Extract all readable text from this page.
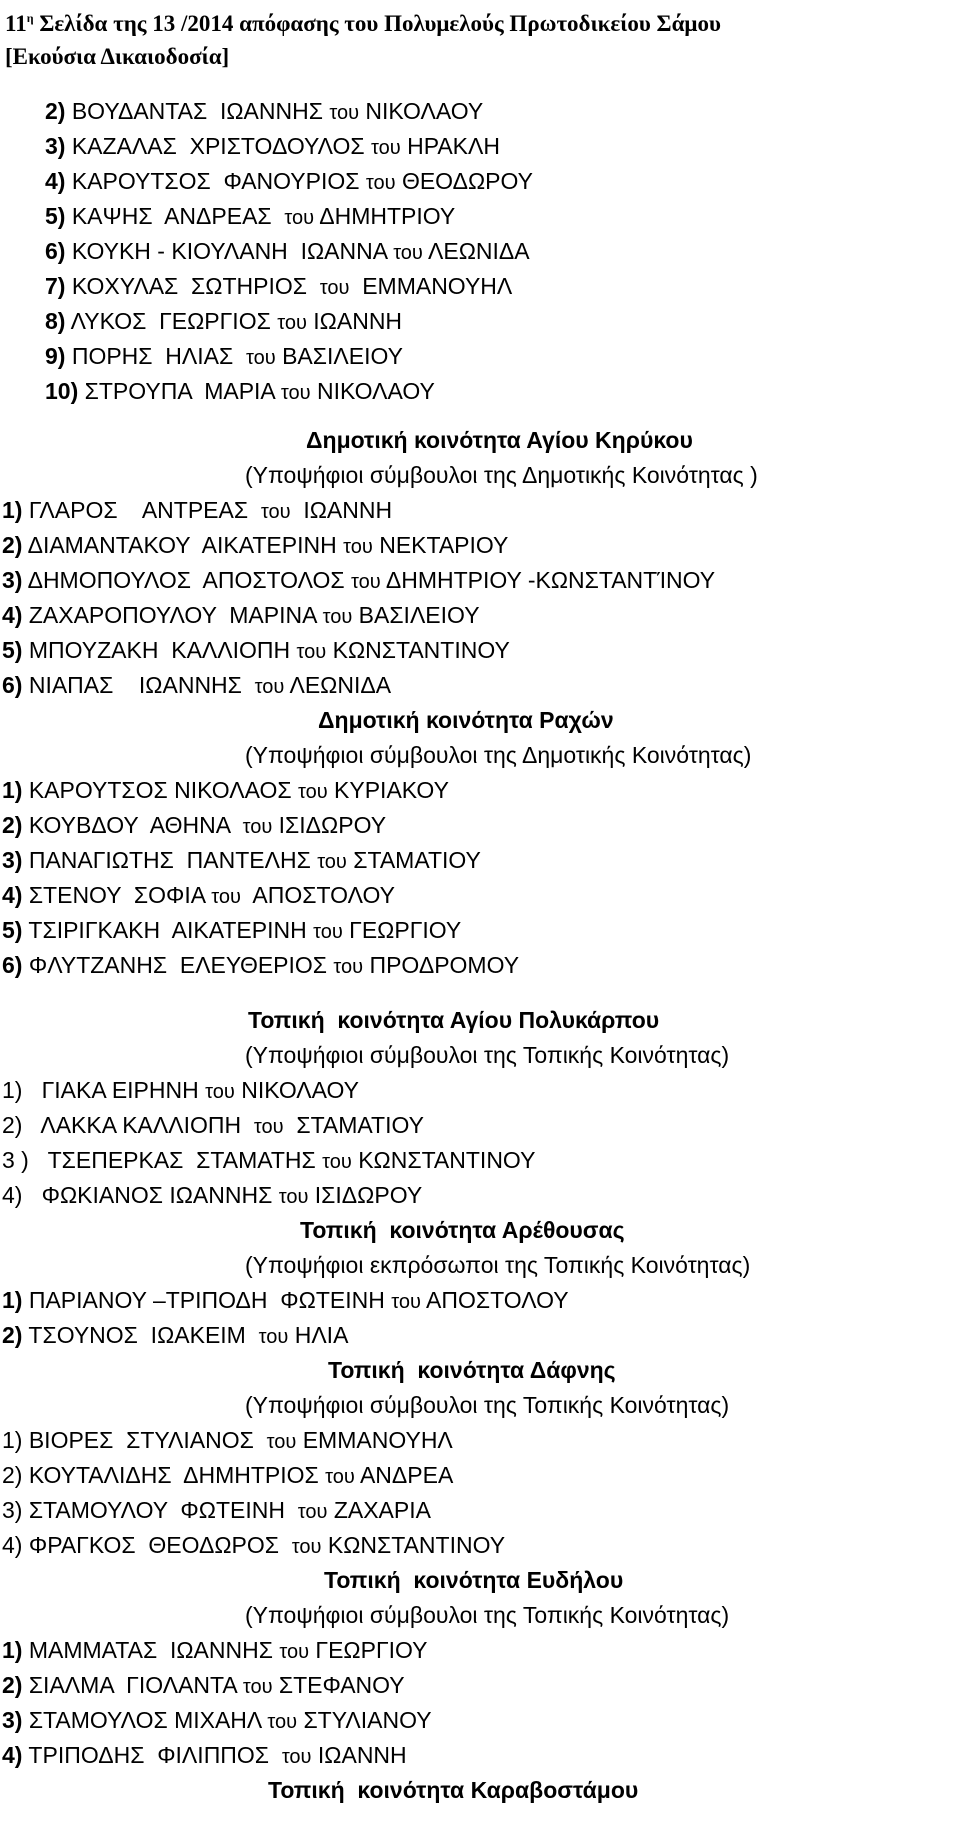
$11^\eta$ Σελίδα της 13 /2014 απόφασης του Πολυμελούς Πρωτοδικείου Σάμου
[Εκούσια Δικαιοδοσία]
2) ΒΟΥΔΑΝΤΑΣ  ΙΩΑΝΝΗΣ του ΝΙΚΟΛΑΟΥ
3) ΚΑΖΑΛΑΣ  ΧΡΙΣΤΟΔΟΥΛΟΣ του ΗΡΑΚΛΗ
4) ΚΑΡΟΥΤΣΟΣ  ΦΑΝΟΥΡΙΟΣ του ΘΕΟΔΩΡΟΥ
5) ΚΑΨΗΣ  ΑΝΔΡΕΑΣ  του ΔΗΜΗΤΡΙΟΥ
6) ΚΟΥΚΗ - ΚΙΟΥΛΑΝΗ  ΙΩΑΝΝΑ του ΛΕΩΝΙΔΑ
7) ΚΟΧΥΛΑΣ  ΣΩΤΗΡΙΟΣ  του  ΕΜΜΑΝΟΥΗΛ
8) ΛΥΚΟΣ  ΓΕΩΡΓΙΟΣ του ΙΩΑΝΝΗ
9) ΠΟΡΗΣ  ΗΛΙΑΣ  του ΒΑΣΙΛΕΙΟΥ
10) ΣΤΡΟΥΠΑ  ΜΑΡΙΑ του ΝΙΚΟΛΑΟΥ
Δημοτική κοινότητα Αγίου Κηρύκου
(Υποψήφιοι σύμβουλοι της Δημοτικής Κοινότητας )
1) ΓΛΑΡΟΣ    ΑΝΤΡΕΑΣ  του  ΙΩΑΝΝΗ
2) ΔΙΑΜΑΝΤΑΚΟΥ  ΑΙΚΑΤΕΡΙΝΗ του ΝΕΚΤΑΡΙΟΥ
3) ΔΗΜΟΠΟΥΛΟΣ  ΑΠΟΣΤΟΛΟΣ του ΔΗΜΗΤΡΙΟΥ -ΚΩΝΣΤΑΝΤΊΝΟΥ
4) ΖΑΧΑΡΟΠΟΥΛΟΥ  ΜΑΡΙΝΑ του ΒΑΣΙΛΕΙΟΥ
5) ΜΠΟΥΖΑΚΗ  ΚΑΛΛΙΟΠΗ του ΚΩΝΣΤΑΝΤΙΝΟΥ
6) ΝΙΑΠΑΣ    ΙΩΑΝΝΗΣ  του ΛΕΩΝΙΔΑ
Δημοτική κοινότητα Ραχών
(Υποψήφιοι σύμβουλοι της Δημοτικής Κοινότητας)
1) ΚΑΡΟΥΤΣΟΣ ΝΙΚΟΛΑΟΣ του ΚΥΡΙΑΚΟΥ
2) ΚΟΥΒΔΟΥ  ΑΘΗΝΑ  του ΙΣΙΔΩΡΟΥ
3) ΠΑΝΑΓΙΩΤΗΣ  ΠΑΝΤΕΛΗΣ του ΣΤΑΜΑΤΙΟΥ
4) ΣΤΕΝΟΥ  ΣΟΦΙΑ του  ΑΠΟΣΤΟΛΟΥ
5) ΤΣΙΡΙΓΚΑΚΗ  ΑΙΚΑΤΕΡΙΝΗ του ΓΕΩΡΓΙΟΥ
6) ΦΛΥΤΖΑΝΗΣ  ΕΛΕΥΘΕΡΙΟΣ του ΠΡΟΔΡΟΜΟΥ
Τοπική  κοινότητα Αγίου Πολυκάρπου
(Υποψήφιοι σύμβουλοι της Τοπικής Κοινότητας)
1)   ΓΙΑΚΑ ΕΙΡΗΝΗ του ΝΙΚΟΛΑΟΥ
2)   ΛΑΚΚΑ ΚΑΛΛΙΟΠΗ  του  ΣΤΑΜΑΤΙΟΥ
3 )   ΤΣΕΠΕΡΚΑΣ  ΣΤΑΜΑΤΗΣ του ΚΩΝΣΤΑΝΤΙΝΟΥ
4)   ΦΩΚΙΑΝΟΣ ΙΩΑΝΝΗΣ του ΙΣΙΔΩΡΟΥ
Τοπική  κοινότητα Αρέθουσας
(Υποψήφιοι εκπρόσωποι της Τοπικής Κοινότητας)
1) ΠΑΡΙΑΝΟΥ –ΤΡΙΠΟΔΗ  ΦΩΤΕΙΝΗ του ΑΠΟΣΤΟΛΟΥ
2) ΤΣΟΥΝΟΣ  ΙΩΑΚΕΙΜ  του ΗΛΙΑ
Τοπική  κοινότητα Δάφνης
(Υποψήφιοι σύμβουλοι της Τοπικής Κοινότητας)
1) ΒΙΟΡΕΣ  ΣΤΥΛΙΑΝΟΣ  του ΕΜΜΑΝΟΥΗΛ
2) ΚΟΥΤΑΛΙΔΗΣ  ΔΗΜΗΤΡΙΟΣ του ΑΝΔΡΕΑ
3) ΣΤΑΜΟΥΛΟΥ  ΦΩΤΕΙΝΗ  του ΖΑΧΑΡΙΑ
4) ΦΡΑΓΚΟΣ  ΘΕΟΔΩΡΟΣ  του ΚΩΝΣΤΑΝΤΙΝΟΥ
Τοπική  κοινότητα Ευδήλου
(Υποψήφιοι σύμβουλοι της Τοπικής Κοινότητας)
1) ΜΑΜΜΑΤΑΣ  ΙΩΑΝΝΗΣ του ΓΕΩΡΓΙΟΥ
2) ΣΙΑΛΜΑ  ΓΙΟΛΑΝΤΑ του ΣΤΕΦΑΝΟΥ
3) ΣΤΑΜΟΥΛΟΣ ΜΙΧΑΗΛ του ΣΤΥΛΙΑΝΟΥ
4) ΤΡΙΠΟΔΗΣ  ΦΙΛΙΠΠΟΣ  του ΙΩΑΝΝΗ
Τοπική  κοινότητα Καραβοστάμου
